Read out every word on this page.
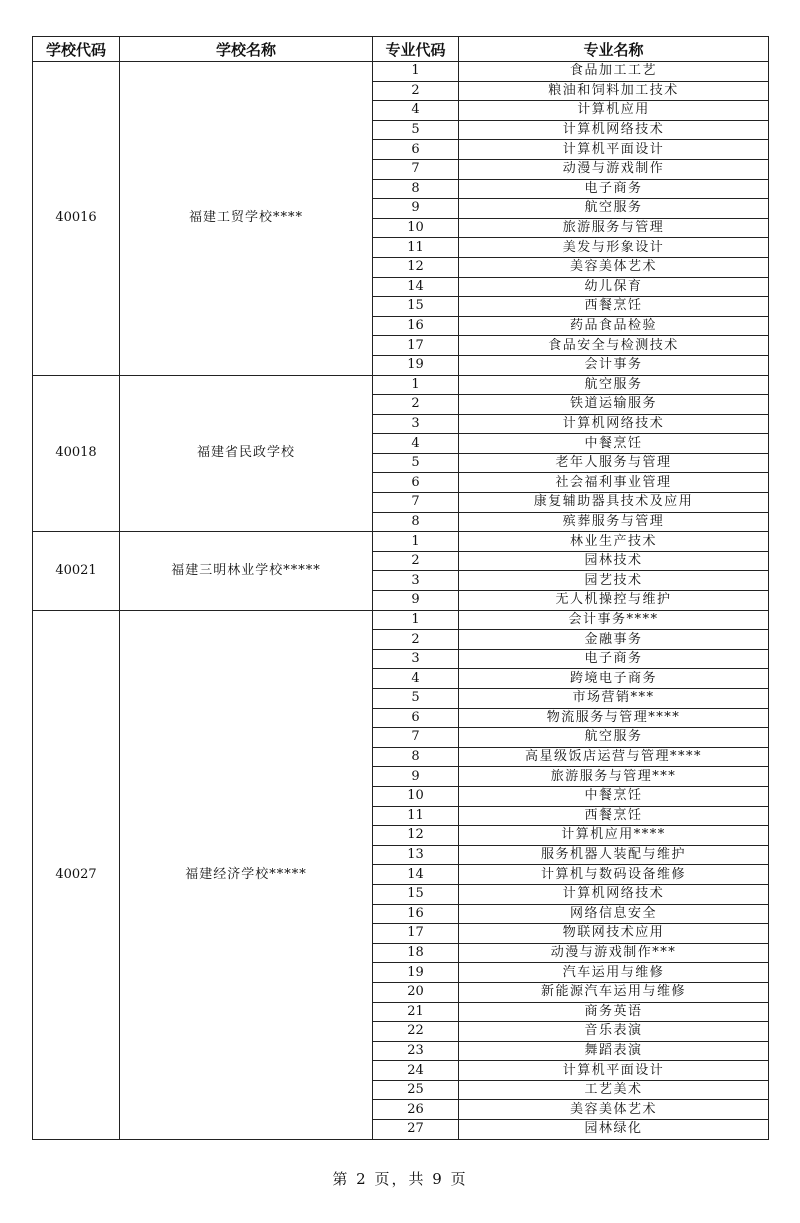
学校代码	学校名称	专业代码	专业名称
40016	福建工贸学校****	1	食品加工工艺
		2	粮油和饲料加工技术
		4	计算机应用
		5	计算机网络技术
		6	计算机平面设计
		7	动漫与游戏制作
		8	电子商务
		9	航空服务
		10	旅游服务与管理
		11	美发与形象设计
		12	美容美体艺术
		14	幼儿保育
		15	西餐烹饪
		16	药品食品检验
		17	食品安全与检测技术
		19	会计事务
40018	福建省民政学校	1	航空服务
		2	铁道运输服务
		3	计算机网络技术
		4	中餐烹饪
		5	老年人服务与管理
		6	社会福利事业管理
		7	康复辅助器具技术及应用
		8	殡葬服务与管理
40021	福建三明林业学校*****	1	林业生产技术
		2	园林技术
		3	园艺技术
		9	无人机操控与维护
40027	福建经济学校*****	1	会计事务****
		2	金融事务
		3	电子商务
		4	跨境电子商务
		5	市场营销***
		6	物流服务与管理****
		7	航空服务
		8	高星级饭店运营与管理****
		9	旅游服务与管理***
		10	中餐烹饪
		11	西餐烹饪
		12	计算机应用****
		13	服务机器人装配与维护
		14	计算机与数码设备维修
		15	计算机网络技术
		16	网络信息安全
		17	物联网技术应用
		18	动漫与游戏制作***
		19	汽车运用与维修
		20	新能源汽车运用与维修
		21	商务英语
		22	音乐表演
		23	舞蹈表演
		24	计算机平面设计
		25	工艺美术
		26	美容美体艺术
		27	园林绿化
第 2 页，共 9 页
